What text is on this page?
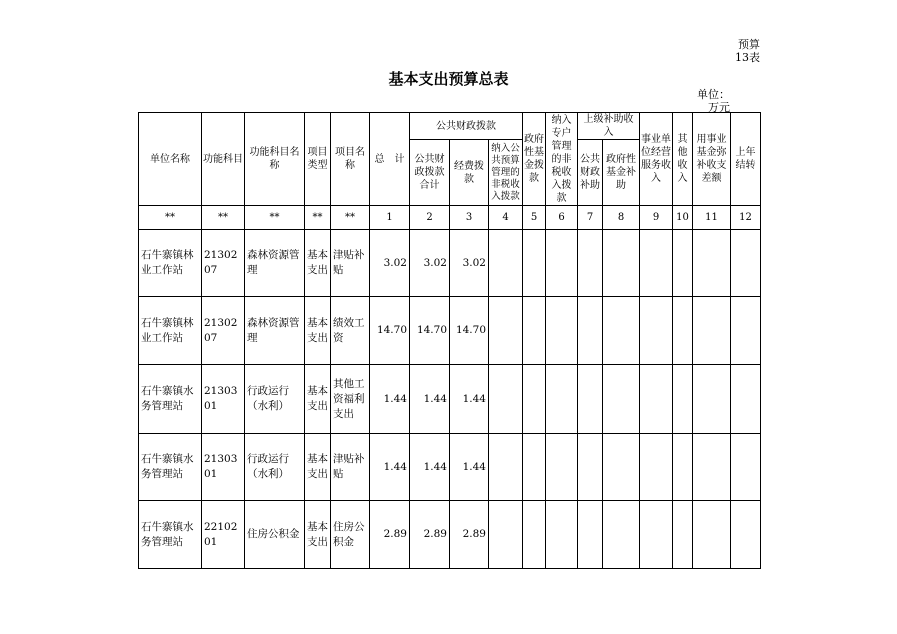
预算13表
基本支出预算总表
单位：万元
单位名称	功能科目	功能科目名称	项目类型	项目名称	总　计	公共财政拨款			政府性基金拨款	纳入专户管理的非税收入拨款	上级补助收入		事业单位经营服务收入	其他收入	用事业基金弥补收支差额	上年结转
						公共财政拨款合计	经费拨款	纳入公共预算管理的非税收入拨款			公共财政补助	政府性基金补助				
**	**	**	**	**	1	2	3	4	5	6	7	8	9	10	11	12
石牛寨镇林业工作站	2130207	森林资源管理	基本支出	津贴补贴	3.02	3.02	3.02									
石牛寨镇林业工作站	2130207	森林资源管理	基本支出	绩效工资	14.70	14.70	14.70									
石牛寨镇水务管理站	2130301	行政运行（水利）	基本支出	其他工资福利支出	1.44	1.44	1.44									
石牛寨镇水务管理站	2130301	行政运行（水利）	基本支出	津贴补贴	1.44	1.44	1.44									
石牛寨镇水务管理站	2210201	住房公积金	基本支出	住房公积金	2.89	2.89	2.89									
